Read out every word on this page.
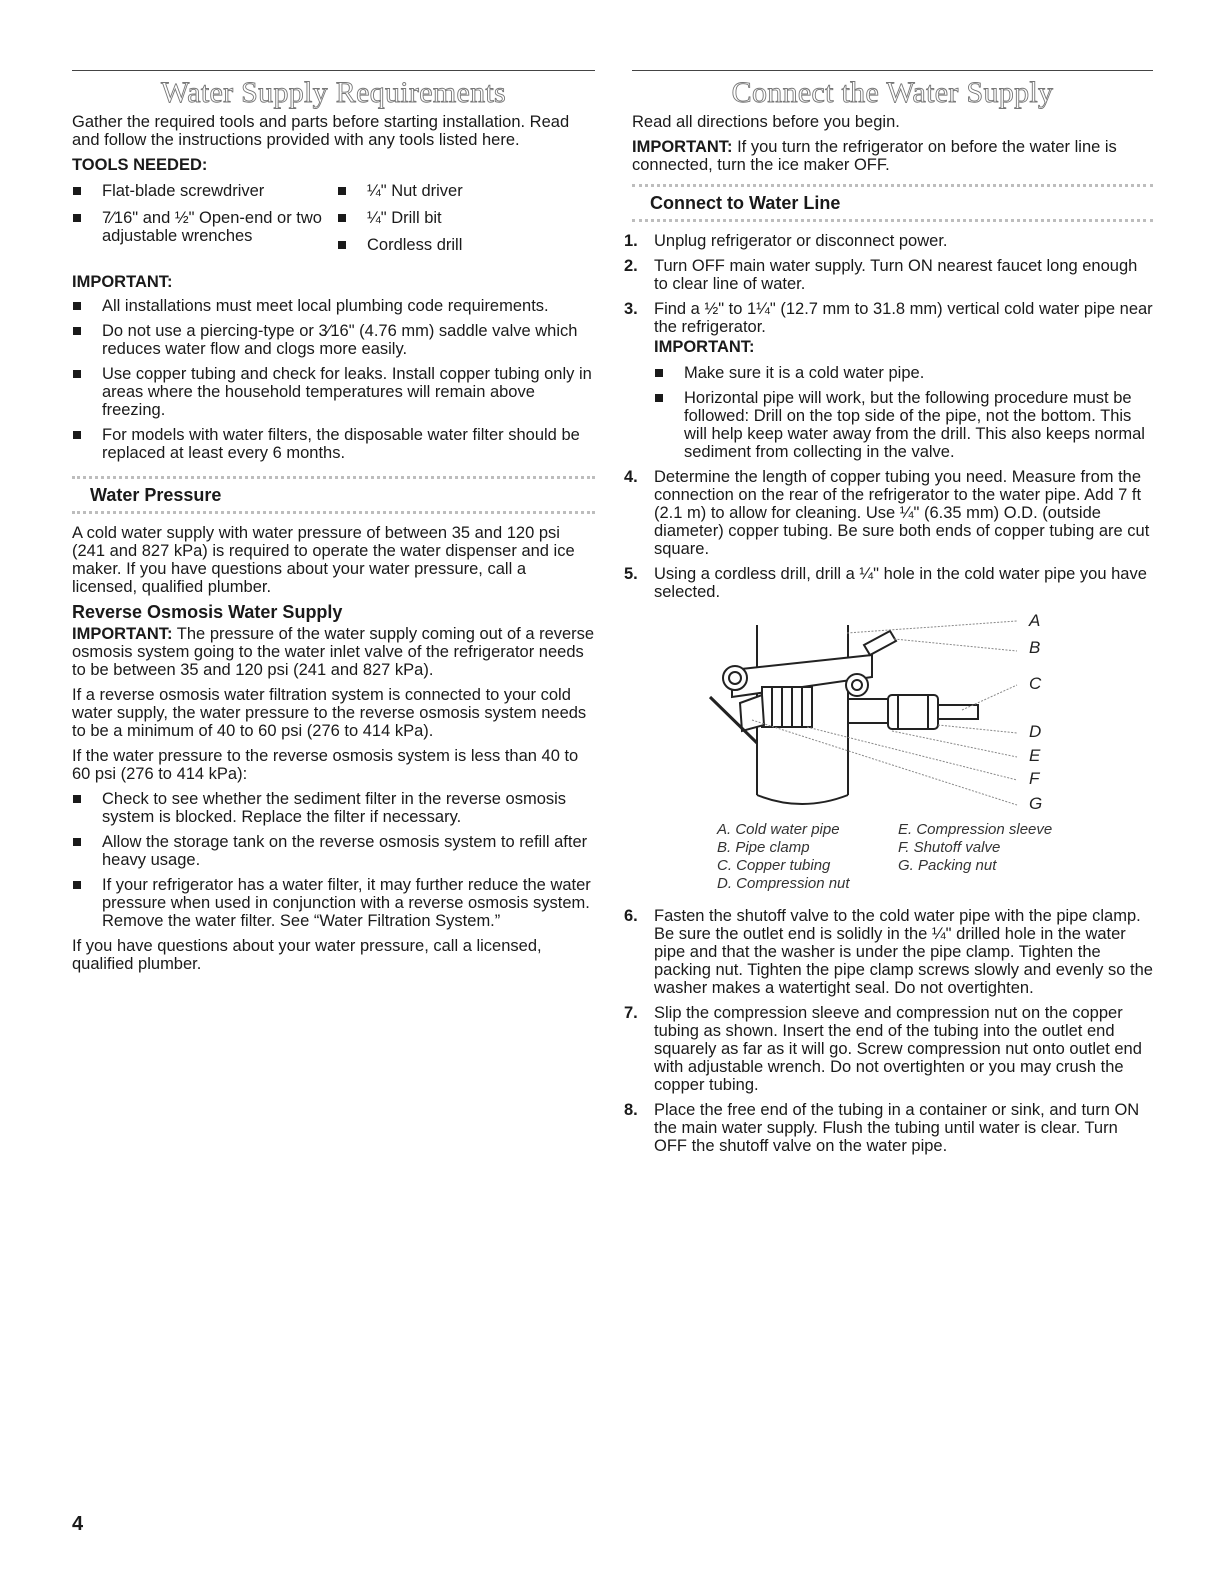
Water Supply Requirements

Gather the required tools and parts before starting installation. Read and follow the instructions provided with any tools listed here.

TOOLS NEEDED:
Flat-blade screwdriver
7⁄16" and ½" Open-end or two adjustable wrenches
¼" Nut driver
¼" Drill bit
Cordless drill
IMPORTANT:
All installations must meet local plumbing code requirements.
Do not use a piercing-type or 3⁄16" (4.76 mm) saddle valve which reduces water flow and clogs more easily.
Use copper tubing and check for leaks. Install copper tubing only in areas where the household temperatures will remain above freezing.
For models with water filters, the disposable water filter should be replaced at least every 6 months.
Water Pressure

A cold water supply with water pressure of between 35 and 120 psi (241 and 827 kPa) is required to operate the water dispenser and ice maker. If you have questions about your water pressure, call a licensed, qualified plumber.

Reverse Osmosis Water Supply

IMPORTANT: The pressure of the water supply coming out of a reverse osmosis system going to the water inlet valve of the refrigerator needs to be between 35 and 120 psi (241 and 827 kPa).

If a reverse osmosis water filtration system is connected to your cold water supply, the water pressure to the reverse osmosis system needs to be a minimum of 40 to 60 psi (276 to 414 kPa).

If the water pressure to the reverse osmosis system is less than 40 to 60 psi (276 to 414 kPa):

Check to see whether the sediment filter in the reverse osmosis system is blocked. Replace the filter if necessary.
Allow the storage tank on the reverse osmosis system to refill after heavy usage.
If your refrigerator has a water filter, it may further reduce the water pressure when used in conjunction with a reverse osmosis system. Remove the water filter. See “Water Filtration System.”

If you have questions about your water pressure, call a licensed, qualified plumber.

Connect the Water Supply

Read all directions before you begin.

IMPORTANT: If you turn the refrigerator on before the water line is connected, turn the ice maker OFF.

Connect to Water Line
1. Unplug refrigerator or disconnect power.
2. Turn OFF main water supply. Turn ON nearest faucet long enough to clear line of water.
3. Find a ½" to 1¼" (12.7 mm to 31.8 mm) vertical cold water pipe near the refrigerator.
IMPORTANT:
Make sure it is a cold water pipe.
Horizontal pipe will work, but the following procedure must be followed: Drill on the top side of the pipe, not the bottom. This will help keep water away from the drill. This also keeps normal sediment from collecting in the valve.
4. Determine the length of copper tubing you need. Measure from the connection on the rear of the refrigerator to the water pipe. Add 7 ft (2.1 m) to allow for cleaning. Use ¼" (6.35 mm) O.D. (outside diameter) copper tubing. Be sure both ends of copper tubing are cut square.
5. Using a cordless drill, drill a ¼" hole in the cold water pipe you have selected.
A
B
C
D
E
F
G
A. Cold water pipe
B. Pipe clamp
C. Copper tubing
D. Compression nut
E. Compression sleeve
F. Shutoff valve
G. Packing nut
6. Fasten the shutoff valve to the cold water pipe with the pipe clamp. Be sure the outlet end is solidly in the ¼" drilled hole in the water pipe and that the washer is under the pipe clamp. Tighten the packing nut. Tighten the pipe clamp screws slowly and evenly so the washer makes a watertight seal. Do not overtighten.
7. Slip the compression sleeve and compression nut on the copper tubing as shown. Insert the end of the tubing into the outlet end squarely as far as it will go. Screw compression nut onto outlet end with adjustable wrench. Do not overtighten or you may crush the copper tubing.
8. Place the free end of the tubing in a container or sink, and turn ON the main water supply. Flush the tubing until water is clear. Turn OFF the shutoff valve on the water pipe.
4
